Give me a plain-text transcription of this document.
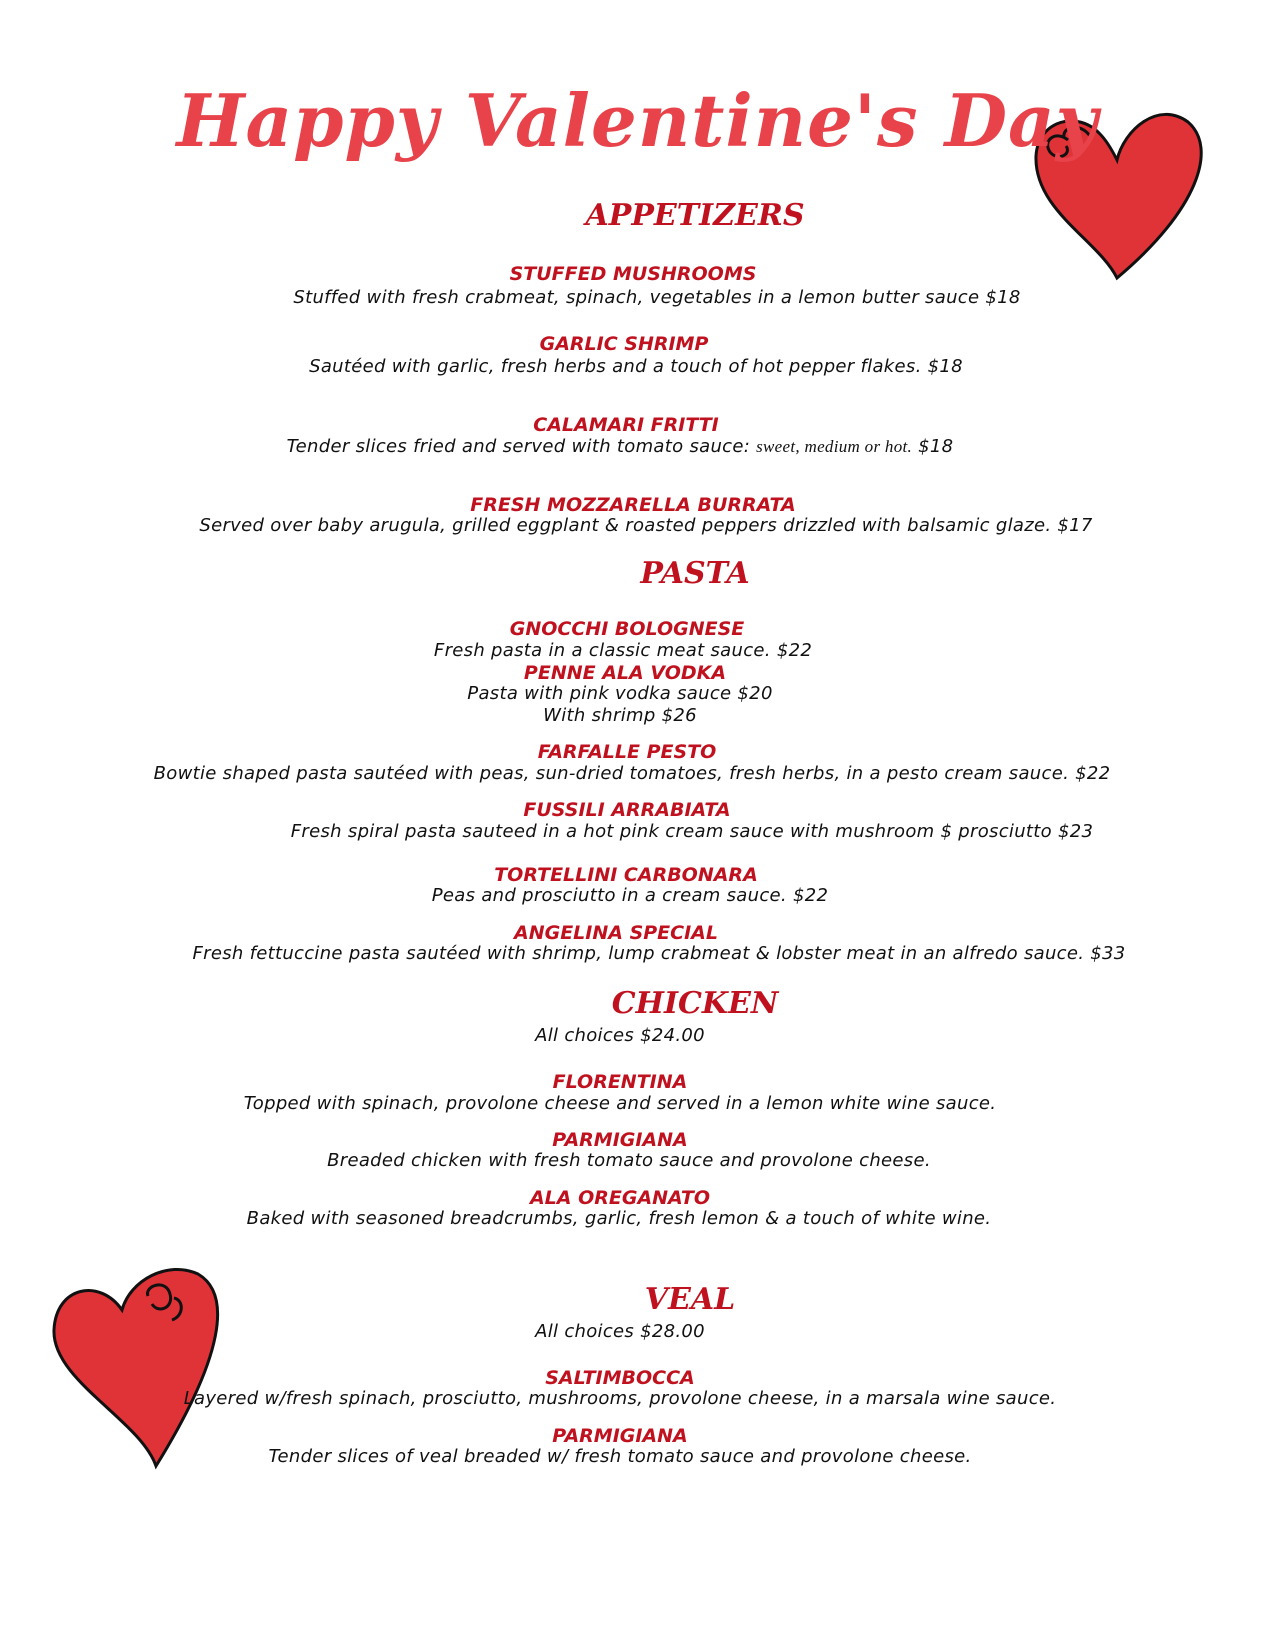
Happy Valentine's Day
APPETIZERS

STUFFED MUSHROOMS

Stuffed with fresh crabmeat, spinach, vegetables in a lemon butter sauce $18

GARLIC SHRIMP

Sautéed with garlic, fresh herbs and a touch of hot pepper flakes. $18

CALAMARI FRITTI

Tender slices fried and served with tomato sauce: sweet, medium or hot. $18

FRESH MOZZARELLA BURRATA

Served over baby arugula, grilled eggplant & roasted peppers drizzled with balsamic glaze. $17

PASTA

GNOCCHI BOLOGNESE

Fresh pasta in a classic meat sauce. $22

PENNE ALA VODKA

Pasta with pink vodka sauce $20

With shrimp $26

FARFALLE PESTO

Bowtie shaped pasta sautéed with peas, sun-dried tomatoes, fresh herbs, in a pesto cream sauce. $22

FUSSILI ARRABIATA

Fresh spiral pasta sauteed in a hot pink cream sauce with mushroom $ prosciutto $23

TORTELLINI CARBONARA

Peas and prosciutto in a cream sauce. $22

ANGELINA SPECIAL

Fresh fettuccine pasta sautéed with shrimp, lump crabmeat & lobster meat in an alfredo sauce. $33

CHICKEN

All choices $24.00

FLORENTINA

Topped with spinach, provolone cheese and served in a lemon white wine sauce.

PARMIGIANA

Breaded chicken with fresh tomato sauce and provolone cheese.

ALA OREGANATO

Baked with seasoned breadcrumbs, garlic, fresh lemon & a touch of white wine.

VEAL

All choices $28.00

SALTIMBOCCA

Layered w/fresh spinach, prosciutto, mushrooms, provolone cheese, in a marsala wine sauce.

PARMIGIANA

Tender slices of veal breaded w/ fresh tomato sauce and provolone cheese.
